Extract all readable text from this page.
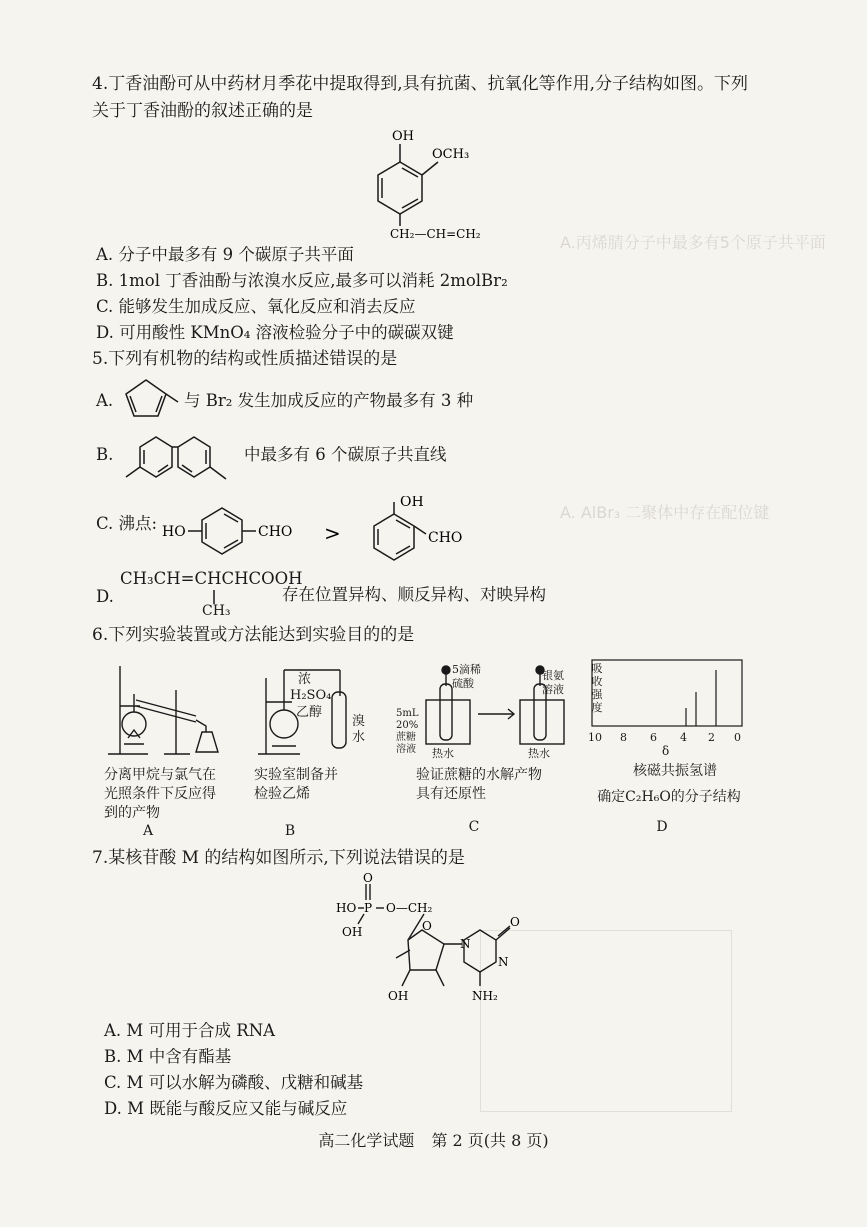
A.丙烯腈分子中最多有5个原子共平面
A. AlBr₃ 二聚体中存在配位键
4.丁香油酚可从中药材月季花中提取得到,具有抗菌、抗氧化等作用,分子结构如图。下列
关于丁香油酚的叙述正确的是
OH
OCH₃
CH₂—CH=CH₂
A. 分子中最多有 9 个碳原子共平面
B. 1mol 丁香油酚与浓溴水反应,最多可以消耗 2molBr₂
C. 能够发生加成反应、氧化反应和消去反应
D. 可用酸性 KMnO₄ 溶液检验分子中的碳碳双键
5.下列有机物的结构或性质描述错误的是
A.	与 Br₂ 发生加成反应的产物最多有 3 种
B.	中最多有 6 个碳原子共直线
C. 沸点: HO	CHO >
OH
CHO
D.
CH₃CH=CHCHCOOH
CH₃
存在位置异构、顺反异构、对映异构
6.下列实验装置或方法能达到实验目的的是
分离甲烷与氯气在
光照条件下反应得
到的产物
A
浓
H₂SO₄
乙醇
溴
水
实验室制备并
检验乙烯
B
5滴稀
硫酸
银氨
溶液
5mL
20%
蔗糖
溶液 热水	热水
验证蔗糖的水解产物
具有还原性
C
吸收强度
10 8 6 4 2 0
δ
核磁共振氢谱
确定C₂H₆O的分子结构
D
7.某核苷酸 M 的结构如图所示,下列说法错误的是
O
HO P O—CH₂
OH	O
N
O
N
NH₂
OH
A. M 可用于合成 RNA
B. M 中含有酯基
C. M 可以水解为磷酸、戊糖和碱基
D. M 既能与酸反应又能与碱反应
高二化学试题 第 2 页(共 8 页)
